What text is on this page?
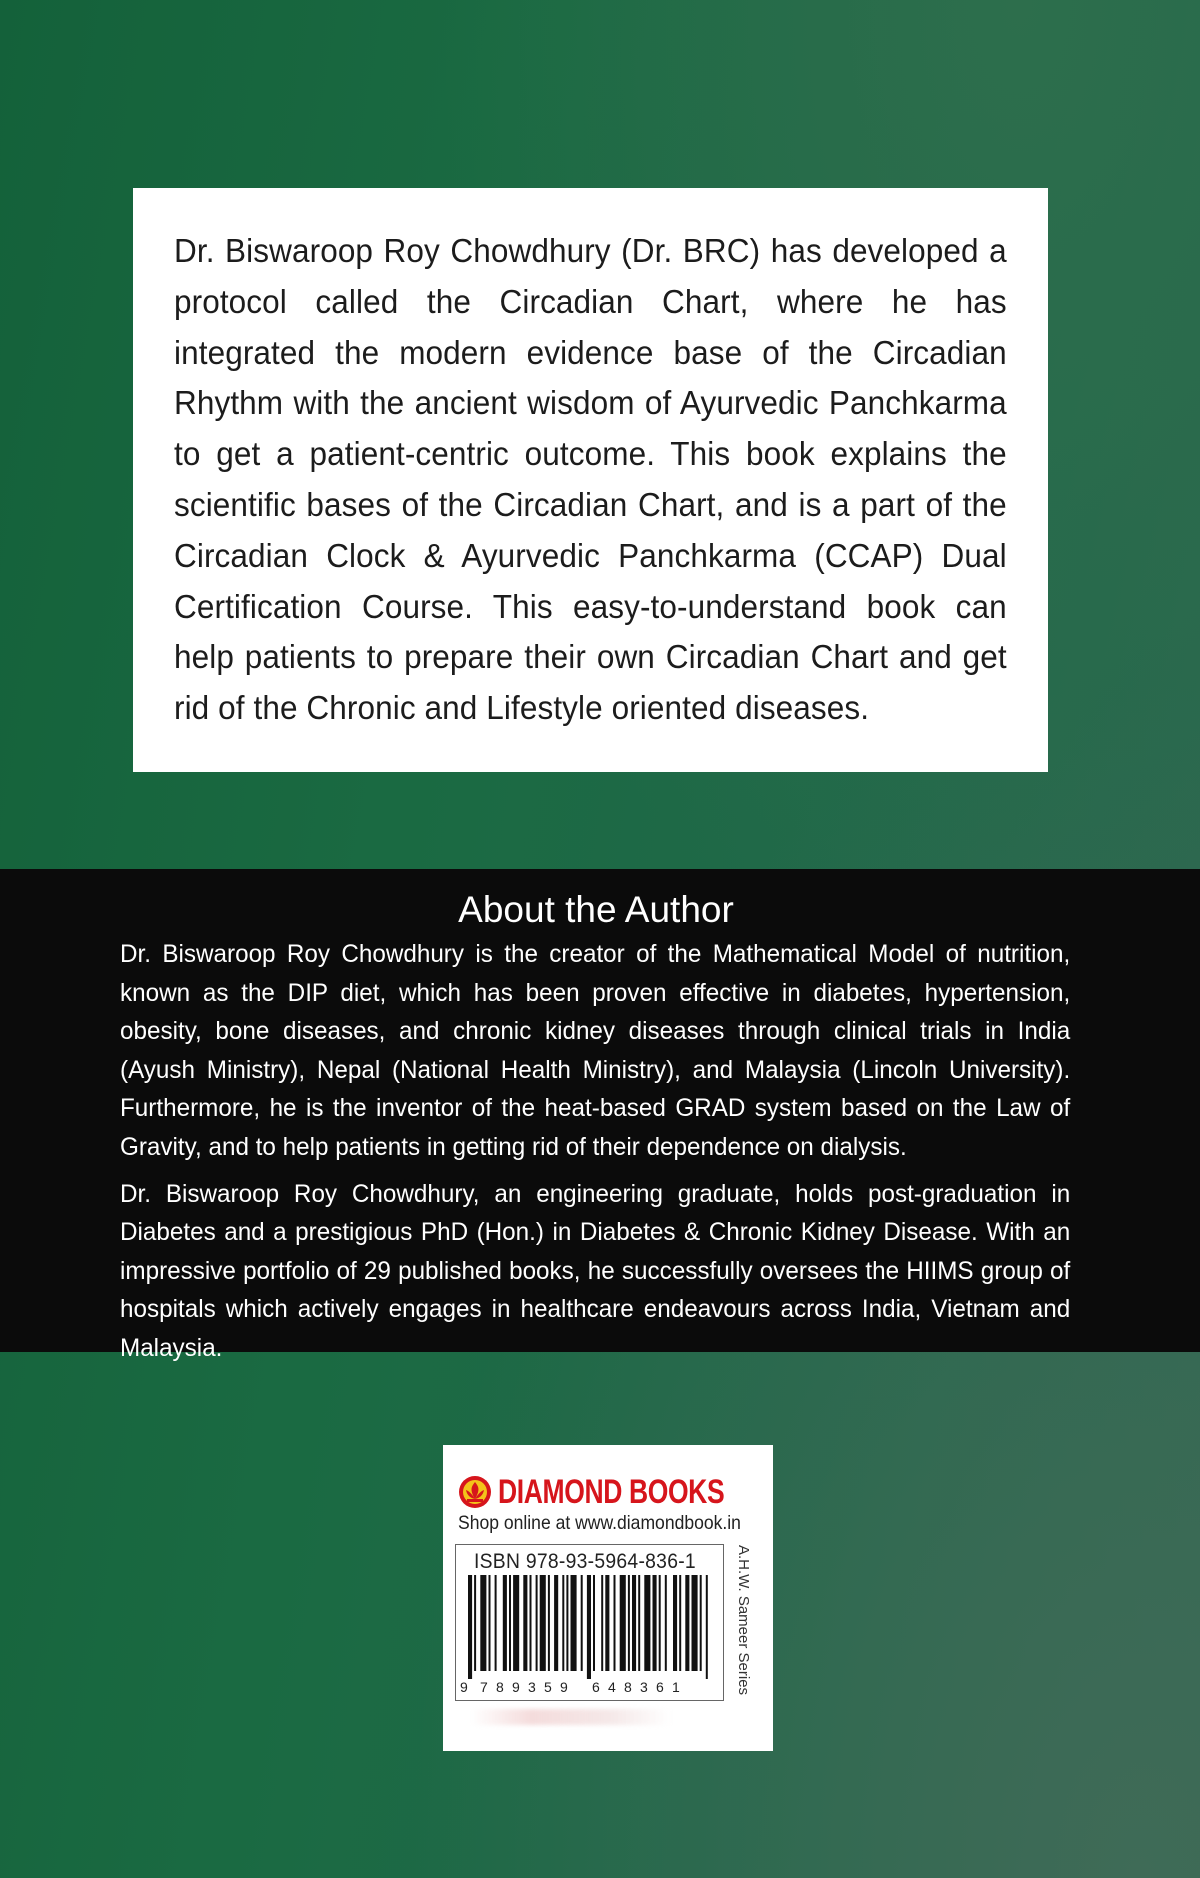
Dr. Biswaroop Roy Chowdhury (Dr. BRC) has developed a protocol called the Circadian Chart, where he has integrated the modern evidence base of the Circadian Rhythm with the ancient wisdom of Ayurvedic Panchkarma to get a patient-centric outcome. This book explains the scientific bases of the Circadian Chart, and is a part of the Circadian Clock & Ayurvedic Panchkarma (CCAP) Dual Certification Course. This easy-to-understand book can help patients to prepare their own Circadian Chart and get rid of the Chronic and Lifestyle oriented diseases.

About the Author

Dr. Biswaroop Roy Chowdhury is the creator of the Mathematical Model of nutrition, known as the DIP diet, which has been proven effective in diabetes, hypertension, obesity, bone diseases, and chronic kidney diseases through clinical trials in India (Ayush Ministry), Nepal (National Health Ministry), and Malaysia (Lincoln University). Furthermore, he is the inventor of the heat-based GRAD system based on the Law of Gravity, and to help patients in getting rid of their dependence on dialysis.

Dr. Biswaroop Roy Chowdhury, an engineering graduate, holds post-graduation in Diabetes and a prestigious PhD (Hon.) in Diabetes & Chronic Kidney Disease. With an impressive portfolio of 29 published books, he successfully oversees the HIIMS group of hospitals which actively engages in healthcare endeavours across India, Vietnam and Malaysia.

DIAMOND BOOKS
Shop online at www.diamondbook.in
ISBN 978-93-5964-836-1
9 7 8 9 3 5 9 6 4 8 3 6 1	A.H.W. Sameer Series
